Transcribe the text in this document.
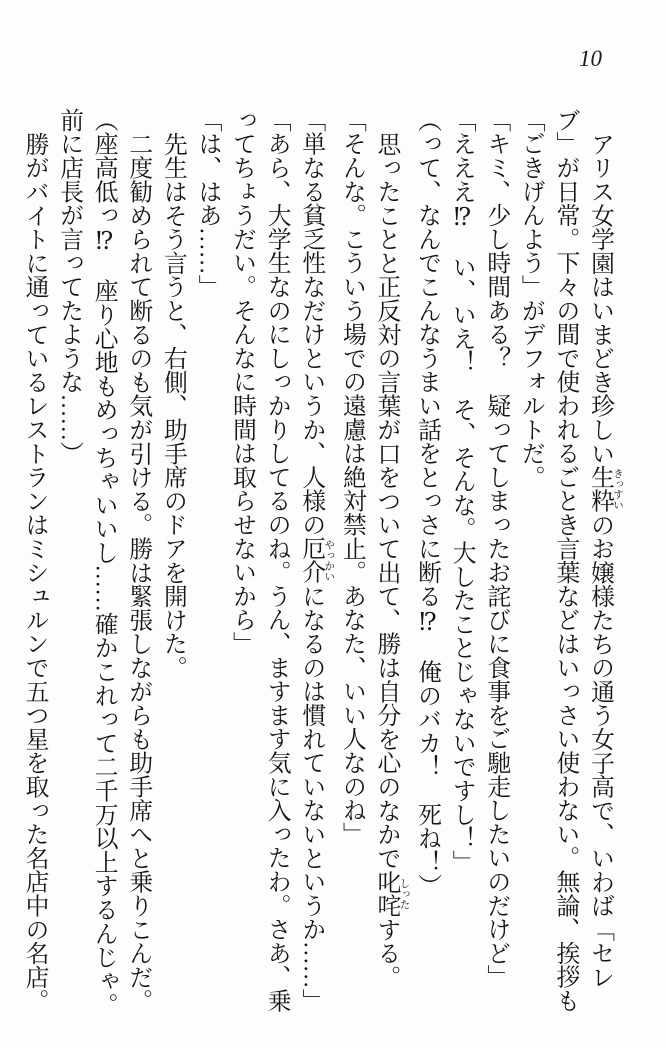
10
アリス女学園はいまどき珍しい生粋 きっすいのお嬢様たちの通う女子高で、いわば「セレ
ブ」が日常。下々の間で使われるごとき言葉などはいっさい使わない。無論、挨拶も
「ごきげんよう」がデフォルトだ。
「キミ、少し時間ある？　疑ってしまったお詫びに食事をご馳走したいのだけど」
「えええ⁉　い、いえ！　そ、そんな。大したことじゃないですし！」
（って、なんでこんなうまい話をとっさに断る⁉　俺のバカ！　死ね！）
思ったことと正反対の言葉が口をついて出て、勝は自分を心のなかで叱咤 しったする。
「そんな。こういう場での遠慮は絶対禁止。あなた、いい人なのね」
「単なる貧乏性なだけというか、人様の厄介 やっかいになるのは慣れていないというか……」
「あら、大学生なのにしっかりしてるのね。うん、ますます気に入ったわ。さあ、乗
ってちょうだい。そんなに時間は取らせないから」
「は、はあ……」
先生はそう言うと、右側、助手席のドアを開けた。
二度勧められて断るのも気が引ける。勝は緊張しながらも助手席へと乗りこんだ。
（座高低っ⁉　座り心地もめっちゃいいし……確かこれって二千万以上するんじゃ。
前に店長が言ってたような……）
勝がバイトに通っているレストランはミシュルンで五つ星を取った名店中の名店。
